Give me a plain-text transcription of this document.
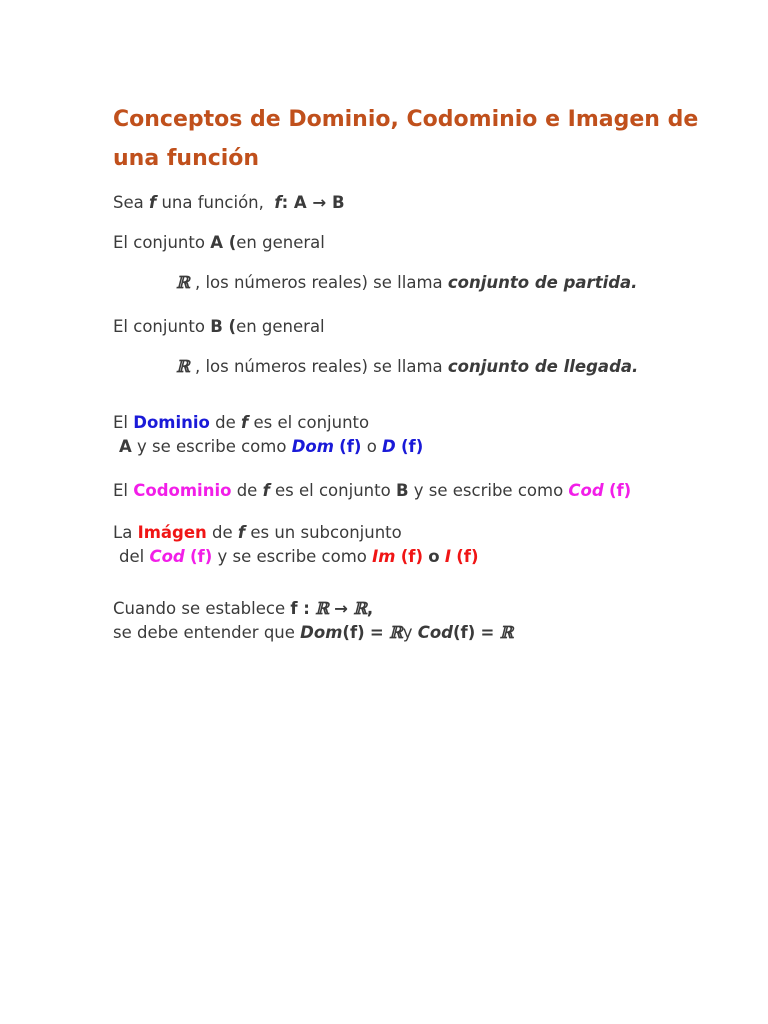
Conceptos de Dominio, Codominio e Imagen de una función
Sea f una función, f: A → B
El conjunto A (en general
ℝ , los números reales) se llama conjunto de partida.
El conjunto B (en general
ℝ , los números reales) se llama conjunto de llegada.
El Dominio de f es el conjunto
A y se escribe como Dom (f) o D (f)
El Codominio de f es el conjunto B y se escribe como Cod (f)
La Imágen de f es un subconjunto
del Cod (f) y se escribe como Im (f) o I (f)
Cuando se establece f : ℝ → ℝ,
se debe entender que Dom(f) = ℝy Cod(f) = ℝ
